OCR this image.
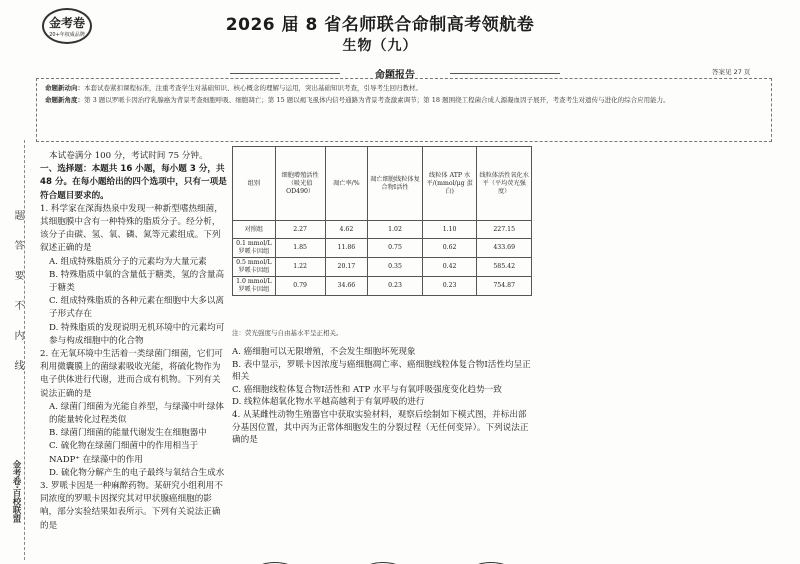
题
答
要
不
内
线
金考卷·百校联盟
金考卷
20+年权威品牌	2026 届 8 省名师联合命制高考领航卷
生物（九）
命题报告	答案见 27 页

命题新动向：本套试卷紧扣课程标准，注重考查学生对基础知识、核心概念的理解与运用，突出基础知识考查，引导考生回归教材。

命题新角度：第 3 题以罗哌卡因治疗乳腺癌为背景考查细胞呼吸、细胞凋亡；第 15 题以褐飞虱体内信号通路为背景考查激素调节；第 18 题围绕工程菌合成人源凝血因子展开，考查考生对遗传与进化的综合应用能力。

本试卷满分 100 分，考试时间 75 分钟。

一、选择题：本题共 16 小题，每小题 3 分，共 48 分。在每小题给出的四个选项中，只有一项是符合题目要求的。

1. 科学家在深海热泉中发现一种新型嗜热细菌，其细胞膜中含有一种特殊的脂质分子。经分析，该分子由碳、氢、氧、磷、氮等元素组成。下列叙述正确的是

A. 组成特殊脂质分子的元素均为大量元素

B. 特殊脂质中氧的含量低于糖类，氢的含量高于糖类

C. 组成特殊脂质的各种元素在细胞中大多以离子形式存在

D. 特殊脂质的发现说明无机环境中的元素均可参与构成细胞中的化合物

2. 在无氧环境中生活着一类绿菌门细菌，它们可利用微囊膜上的菌绿素吸收光能，将硫化物作为电子供体进行代谢，进而合成有机物。下列有关说法正确的是

A. 绿菌门细菌为光能自养型，与绿藻中叶绿体的能量转化过程类似

B. 绿菌门细菌的能量代谢发生在细胞器中

C. 硫化物在绿菌门细菌中的作用相当于 NADP⁺ 在绿藻中的作用

D. 硫化物分解产生的电子最终与氧结合生成水

3. 罗哌卡因是一种麻醉药物。某研究小组利用不同浓度的罗哌卡因探究其对甲状腺癌细胞的影响，部分实验结果如表所示。下列有关说法正确的是

组别	细胞增殖活性（吸光值OD490）	凋亡率/%	凋亡细胞线粒体复合物Ⅰ活性	线粒体 ATP 水平/(mmol/μg 蛋白)	线粒体活性氧化水平（平均荧光强度）
对照组	2.27	4.62	1.02	1.10	227.15
0.1 mmol/L 罗哌卡因组	1.85	11.86	0.75	0.62	433.69
0.5 mmol/L 罗哌卡因组	1.22	20.17	0.35	0.42	585.42
1.0 mmol/L 罗哌卡因组	0.79	34.66	0.23	0.23	754.87
注：荧光强度与自由基水平呈正相关。

A. 癌细胞可以无限增殖，不会发生细胞坏死现象

B. 表中显示，罗哌卡因浓度与癌细胞凋亡率、癌细胞线粒体复合物Ⅰ活性均呈正相关

C. 癌细胞线粒体复合物Ⅰ活性和 ATP 水平与有氧呼吸强度变化趋势一致

D. 线粒体超氧化物水平越高越利于有氧呼吸的进行

4. 从某雌性动物生殖器官中获取实验材料，观察后绘制如下模式图，并标出部分基因位置，其中丙为正常体细胞发生的分裂过程（无任何变异）。下列说法正确的是
